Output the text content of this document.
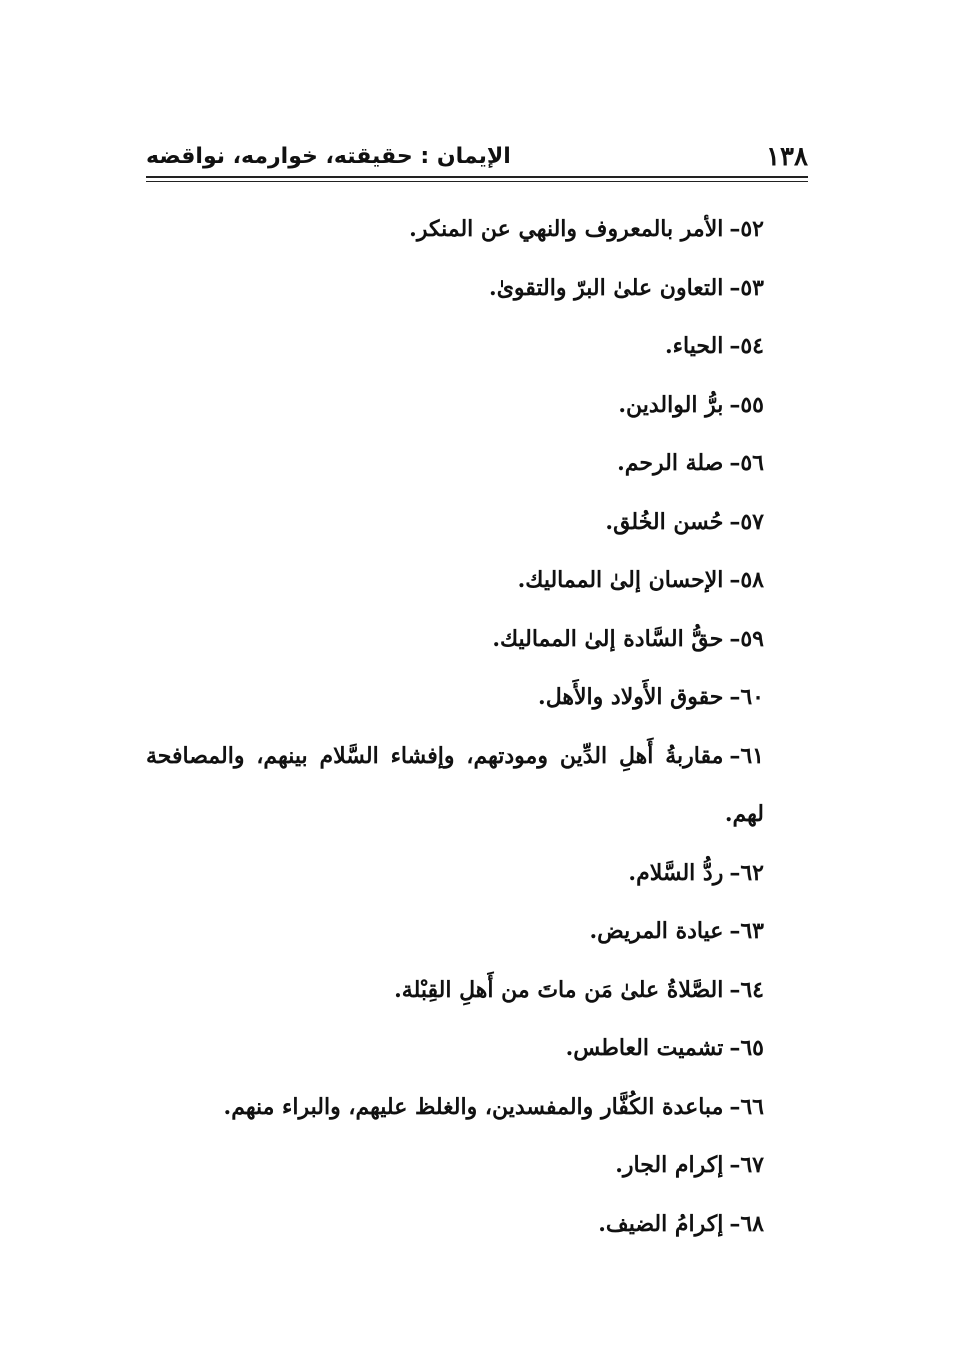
١٣٨
الإيمان : حقيقته، خوارمه، نواقضه
٥٢–الأمر بالمعروف والنهي عن المنكر.
٥٣–التعاون علىٰ البرّ والتقوىٰ.
٥٤–الحياء.
٥٥–برُّ الوالدين.
٥٦–صلة الرحم.
٥٧–حُسن الخُلق.
٥٨–الإحسان إلىٰ المماليك.
٥٩–حقُّ السَّادة إلىٰ المماليك.
٦٠–حقوق الأَولاد والأَهل.
٦١–مقاربةُ أَهلِ الدِّين ومودتهم، وإفشاء السَّلام بينهم، والمصافحة لهم.
٦٢–ردُّ السَّلام.
٦٣–عيادة المريض.
٦٤–الصَّلاةُ علىٰ مَن ماتَ من أَهلِ القِبْلة.
٦٥–تشميت العاطس.
٦٦–مباعدة الكُفَّار والمفسدين، والغلظ عليهم، والبراء منهم.
٦٧–إكرام الجار.
٦٨–إكرامُ الضيف.
